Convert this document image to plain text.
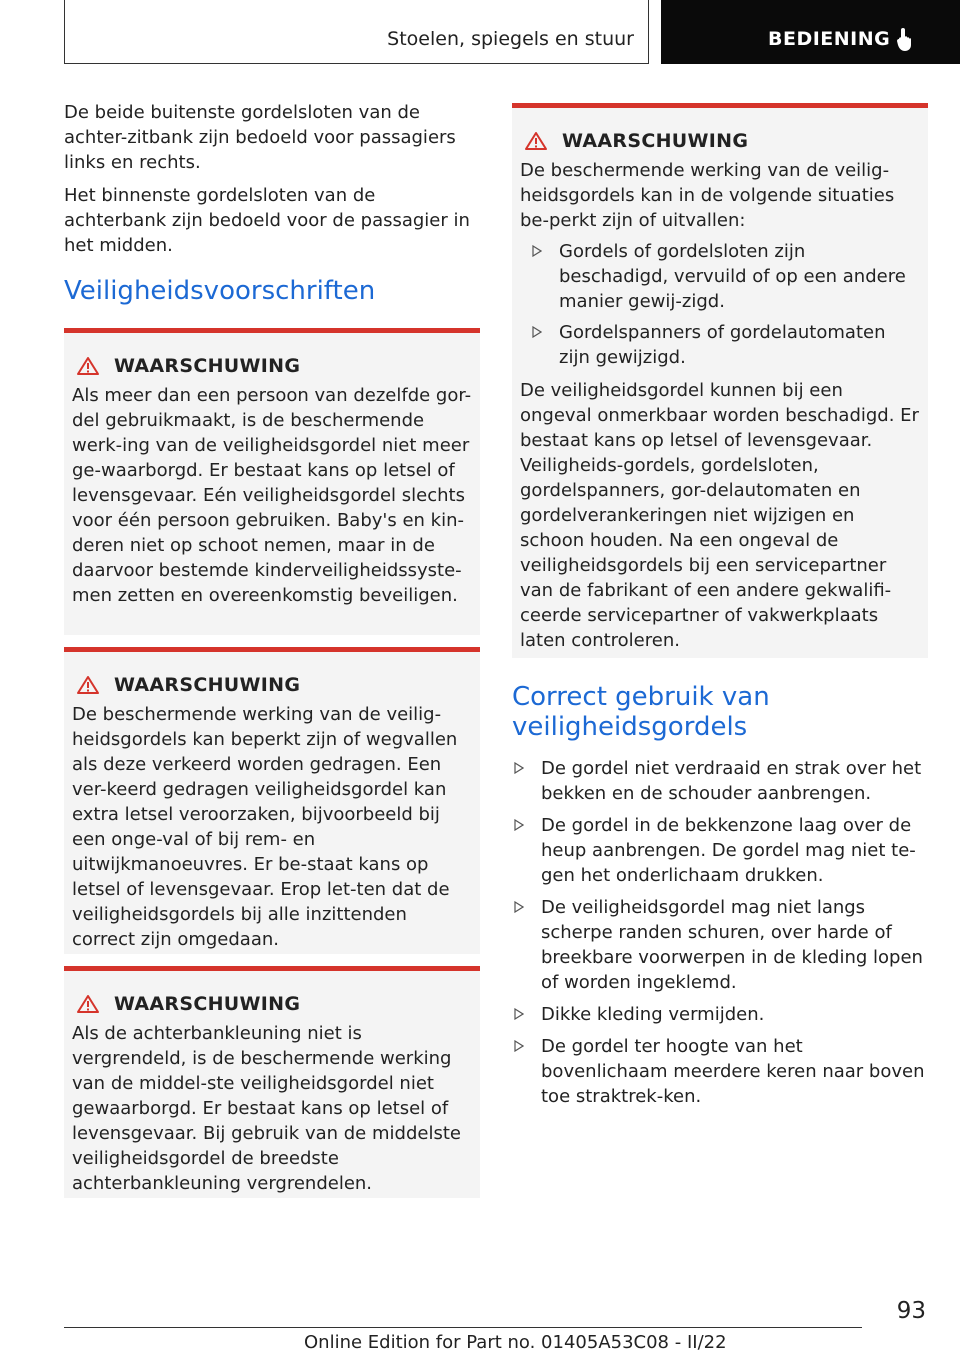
Stoelen, spiegels en stuur	BEDIENING

De beide buitenste gordelsloten van de achter-zitbank zijn bedoeld voor passagiers links en rechts.

Het binnenste gordelsloten van de achterbank zijn bedoeld voor de passagier in het midden.

Veiligheidsvoorschriften
WAARSCHUWING

Als meer dan een persoon van dezelfde gor-del gebruikmaakt, is de beschermende werk-ing van de veiligheidsgordel niet meer ge-waarborgd. Er bestaat kans op letsel of levensgevaar. Eén veiligheidsgordel slechts voor één persoon gebruiken. Baby's en kin-deren niet op schoot nemen, maar in de daarvoor bestemde kinderveiligheidssyste-men zetten en overeenkomstig beveiligen.

WAARSCHUWING

De beschermende werking van de veilig-heidsgordels kan beperkt zijn of wegvallen als deze verkeerd worden gedragen. Een ver-keerd gedragen veiligheidsgordel kan extra letsel veroorzaken, bijvoorbeeld bij een onge-val of bij rem- en uitwijkmanoeuvres. Er be-staat kans op letsel of levensgevaar. Erop let-ten dat de veiligheidsgordels bij alle inzittenden correct zijn omgedaan.

WAARSCHUWING

Als de achterbankleuning niet is vergrendeld, is de beschermende werking van de middel-ste veiligheidsgordel niet gewaarborgd. Er bestaat kans op letsel of levensgevaar. Bij gebruik van de middelste veiligheidsgordel de breedste achterbankleuning vergrendelen.

WAARSCHUWING

De beschermende werking van de veilig-heidsgordels kan in de volgende situaties be-perkt zijn of uitvallen:

Gordels of gordelsloten zijn beschadigd, vervuild of op een andere manier gewij-zigd.
Gordelspanners of gordelautomaten zijn gewijzigd.

De veiligheidsgordel kunnen bij een ongeval onmerkbaar worden beschadigd. Er bestaat kans op letsel of levensgevaar. Veiligheids-gordels, gordelsloten, gordelspanners, gor-delautomaten en gordelverankeringen niet wijzigen en schoon houden. Na een ongeval de veiligheidsgordels bij een servicepartner van de fabrikant of een andere gekwalifi-ceerde servicepartner of vakwerkplaats laten controleren.

Correct gebruik van veiligheidsgordels
De gordel niet verdraaid en strak over het bekken en de schouder aanbrengen.
De gordel in de bekkenzone laag over de heup aanbrengen. De gordel mag niet te-gen het onderlichaam drukken.
De veiligheidsgordel mag niet langs scherpe randen schuren, over harde of breekbare voorwerpen in de kleding lopen of worden ingeklemd.
Dikke kleding vermijden.
De gordel ter hoogte van het bovenlichaam meerdere keren naar boven toe straktrek-ken.
93
Online Edition for Part no. 01405A53C08 - II/22
